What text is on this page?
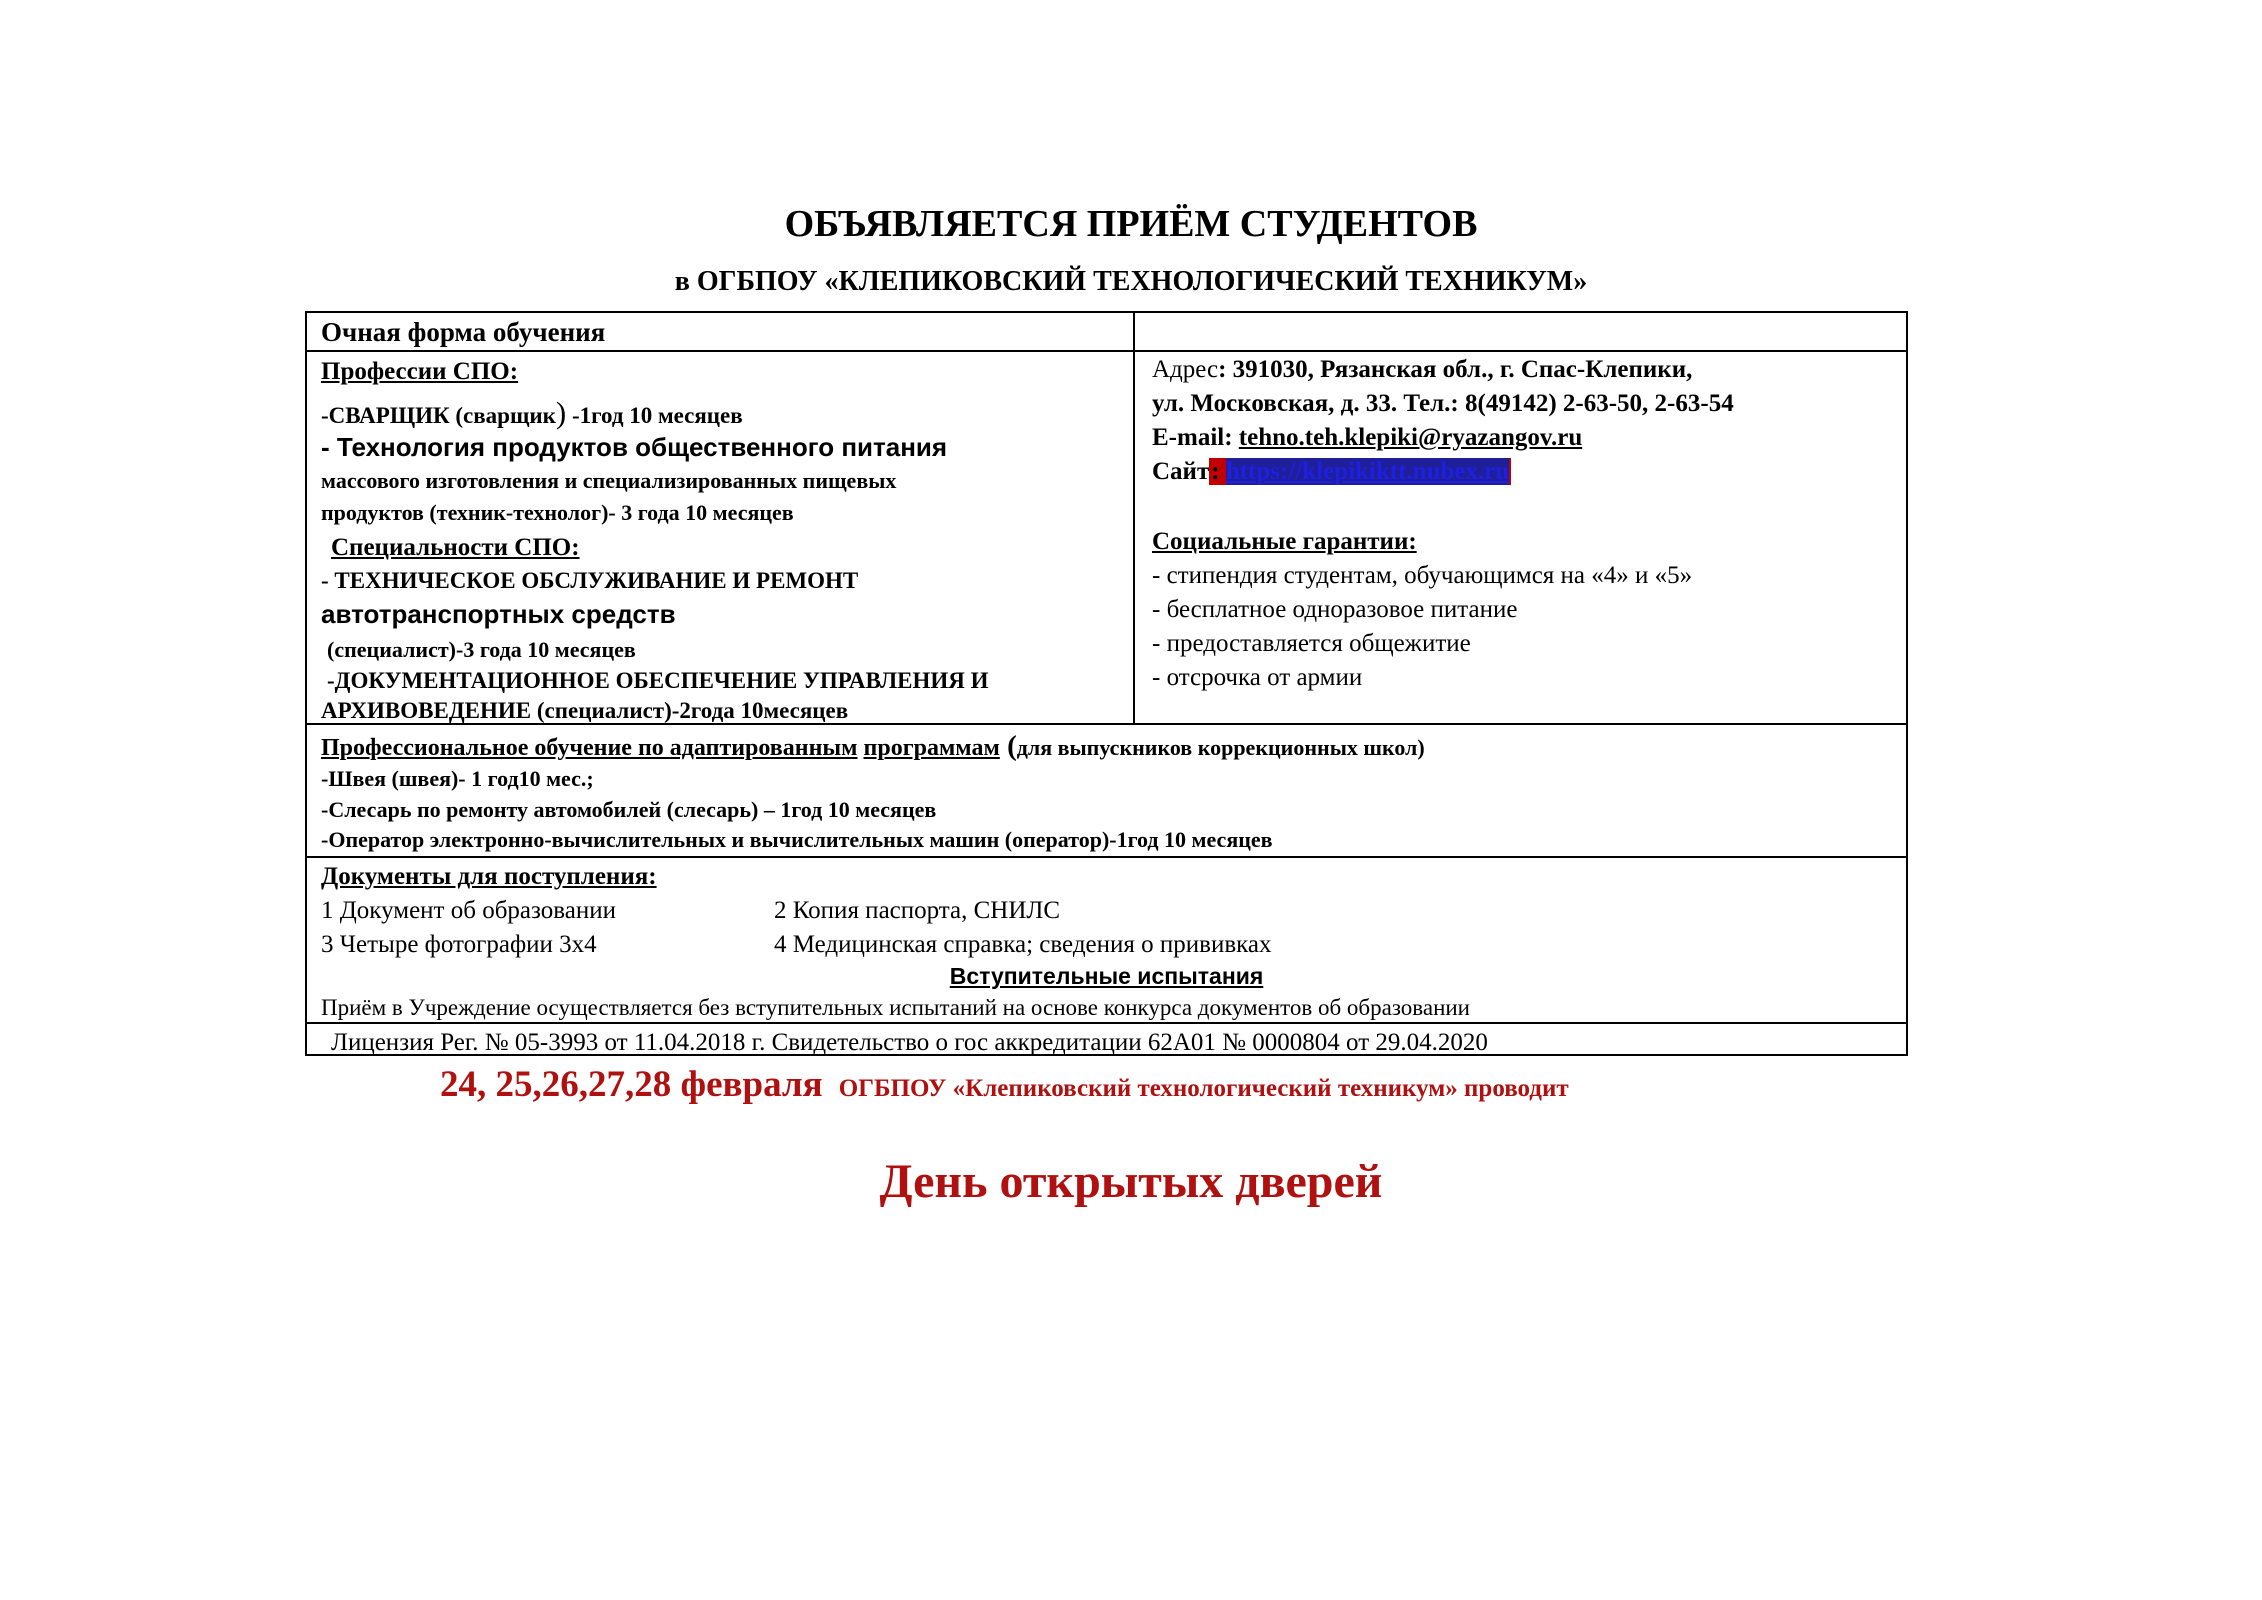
ОБЪЯВЛЯЕТСЯ ПРИЁМ СТУДЕНТОВ
в ОГБПОУ «КЛЕПИКОВСКИЙ ТЕХНОЛОГИЧЕСКИЙ ТЕХНИКУМ»
Очная форма обучения
Профессии СПО:
-СВАРЩИК (сварщик) -1год 10 месяцев
- Технология продуктов общественного питания
массового изготовления и специализированных пищевых
продуктов (техник-технолог)- 3 года 10 месяцев
Специальности СПО:
- ТЕХНИЧЕСКОЕ ОБСЛУЖИВАНИЕ И РЕМОНТ
автотранспортных средств
(специалист)-3 года 10 месяцев
-ДОКУМЕНТАЦИОННОЕ ОБЕСПЕЧЕНИЕ УПРАВЛЕНИЯ И
АРХИВОВЕДЕНИЕ (специалист)-2года 10месяцев
Адрес: 391030, Рязанская обл., г. Спас-Клепики,
ул. Московская, д. 33. Тел.: 8(49142) 2-63-50, 2-63-54
E-mail: tehno.teh.klepiki@ryazangov.ru
Сайт: https://klepikiktt.nubex.ru
Социальные гарантии:
- стипендия студентам, обучающимся на «4» и «5»
- бесплатное одноразовое питание
- предоставляется общежитие
- отсрочка от армии
Профессиональное обучение по адаптированным программам (для выпускников коррекционных школ)
-Швея (швея)- 1 год10 мес.;
-Слесарь по ремонту автомобилей (слесарь) – 1год 10 месяцев
-Оператор электронно-вычислительных и вычислительных машин (оператор)-1год 10 месяцев
Документы для поступления:
1 Документ об образовании	2 Копия паспорта, СНИЛС
3 Четыре фотографии 3х4	4 Медицинская справка; сведения о прививках
Вступительные испытания
Приём в Учреждение осуществляется без вступительных испытаний на основе конкурса документов об образовании
Лицензия Рег. № 05-3993 от 11.04.2018 г. Свидетельство о гос аккредитации 62А01 № 0000804 от 29.04.2020
24, 25,26,27,28 февраля ОГБПОУ «Клепиковский технологический техникум» проводит
День открытых дверей
